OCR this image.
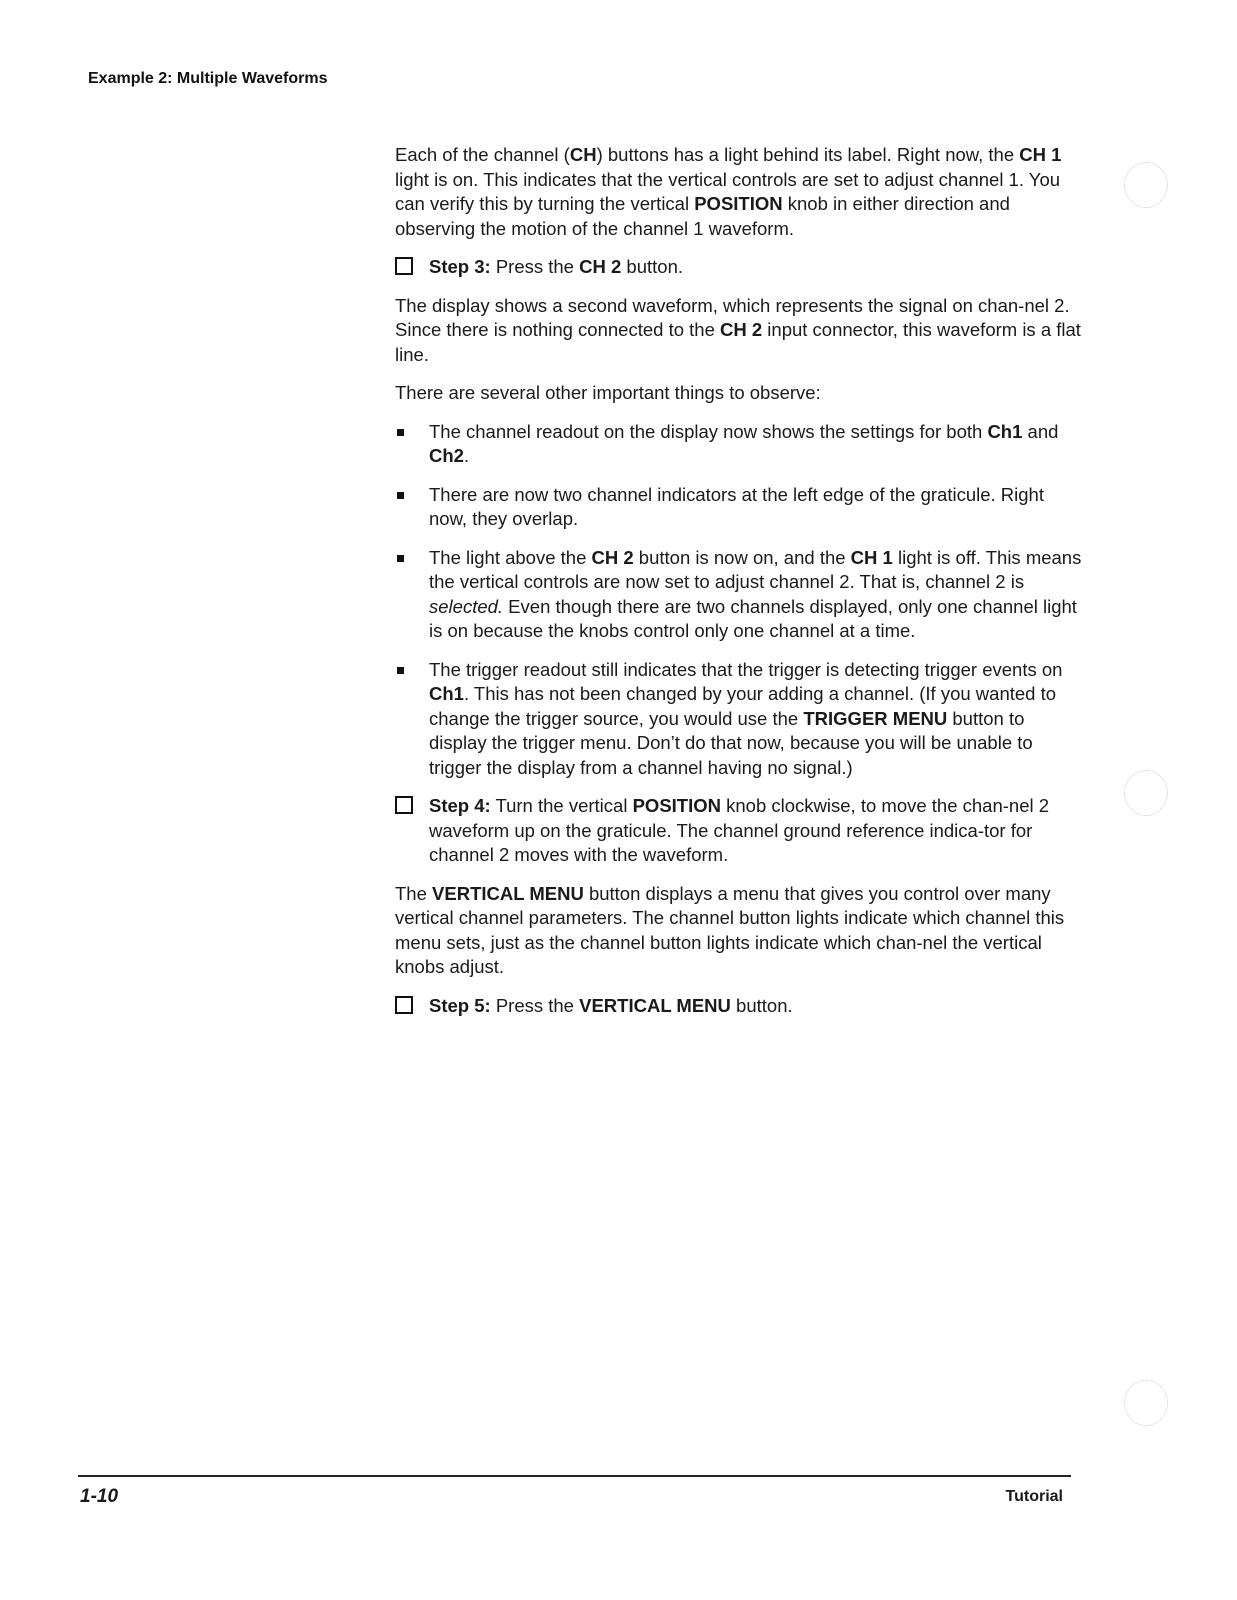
Example 2: Multiple Waveforms

Each of the channel (CH) buttons has a light behind its label. Right now, the CH 1 light is on. This indicates that the vertical controls are set to adjust channel 1. You can verify this by turning the vertical POSITION knob in either direction and observing the motion of the channel 1 waveform.

Step 3: Press the CH 2 button.

The display shows a second waveform, which represents the signal on chan-nel 2. Since there is nothing connected to the CH 2 input connector, this waveform is a flat line.

There are several other important things to observe:

The channel readout on the display now shows the settings for both Ch1 and Ch2.
There are now two channel indicators at the left edge of the graticule. Right now, they overlap.
The light above the CH 2 button is now on, and the CH 1 light is off. This means the vertical controls are now set to adjust channel 2. That is, channel 2 is selected. Even though there are two channels displayed, only one channel light is on because the knobs control only one channel at a time.
The trigger readout still indicates that the trigger is detecting trigger events on Ch1. This has not been changed by your adding a channel. (If you wanted to change the trigger source, you would use the TRIGGER MENU button to display the trigger menu. Don’t do that now, because you will be unable to trigger the display from a channel having no signal.)
Step 4: Turn the vertical POSITION knob clockwise, to move the chan-nel 2 waveform up on the graticule. The channel ground reference indica-tor for channel 2 moves with the waveform.

The VERTICAL MENU button displays a menu that gives you control over many vertical channel parameters. The channel button lights indicate which channel this menu sets, just as the channel button lights indicate which chan-nel the vertical knobs adjust.

Step 5: Press the VERTICAL MENU button.
1-10	Tutorial
